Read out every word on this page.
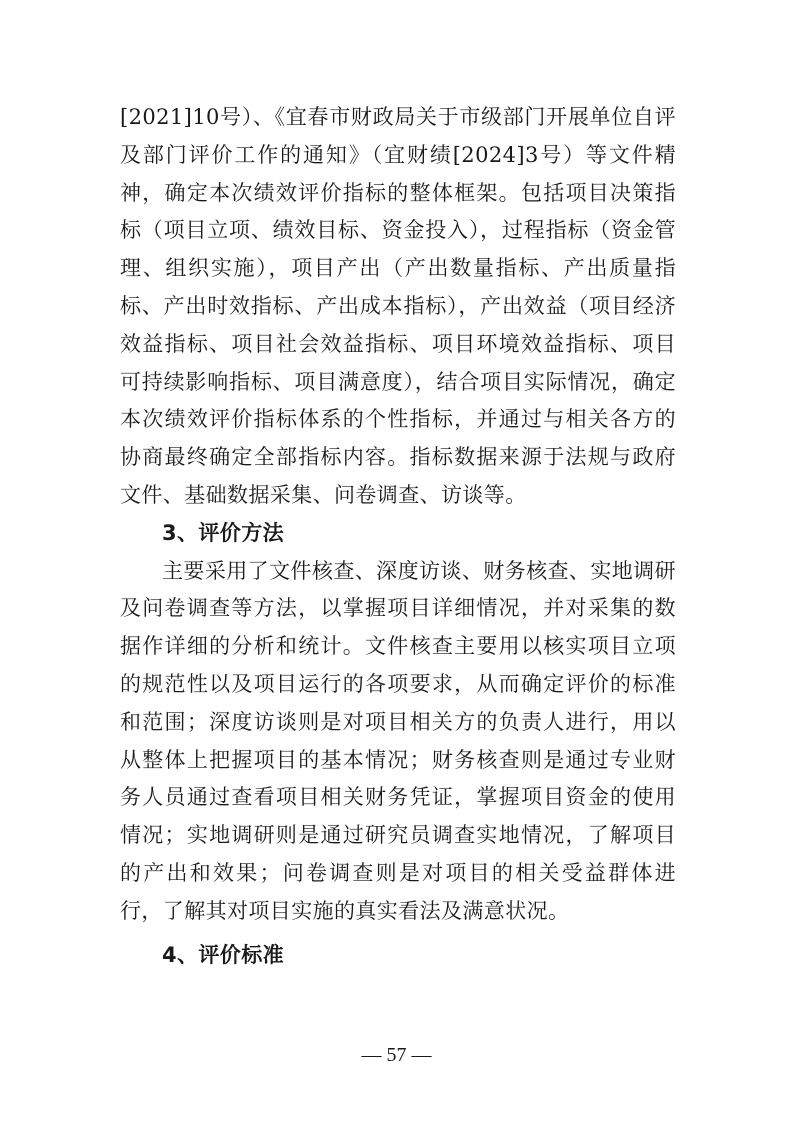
[2021]10号）、《宜春市财政局关于市级部门开展单位自评及部门评价工作的通知》（宜财绩[2024]3号）等文件精神，确定本次绩效评价指标的整体框架。包括项目决策指标（项目立项、绩效目标、资金投入），过程指标（资金管理、组织实施），项目产出（产出数量指标、产出质量指标、产出时效指标、产出成本指标），产出效益（项目经济效益指标、项目社会效益指标、项目环境效益指标、项目可持续影响指标、项目满意度），结合项目实际情况，确定本次绩效评价指标体系的个性指标，并通过与相关各方的协商最终确定全部指标内容。指标数据来源于法规与政府文件、基础数据采集、问卷调查、访谈等。

3、评价方法

主要采用了文件核查、深度访谈、财务核查、实地调研及问卷调查等方法，以掌握项目详细情况，并对采集的数据作详细的分析和统计。文件核查主要用以核实项目立项的规范性以及项目运行的各项要求，从而确定评价的标准和范围；深度访谈则是对项目相关方的负责人进行，用以从整体上把握项目的基本情况；财务核查则是通过专业财务人员通过查看项目相关财务凭证，掌握项目资金的使用情况；实地调研则是通过研究员调查实地情况，了解项目的产出和效果；问卷调查则是对项目的相关受益群体进行，了解其对项目实施的真实看法及满意状况。

4、评价标准

— 57 —
